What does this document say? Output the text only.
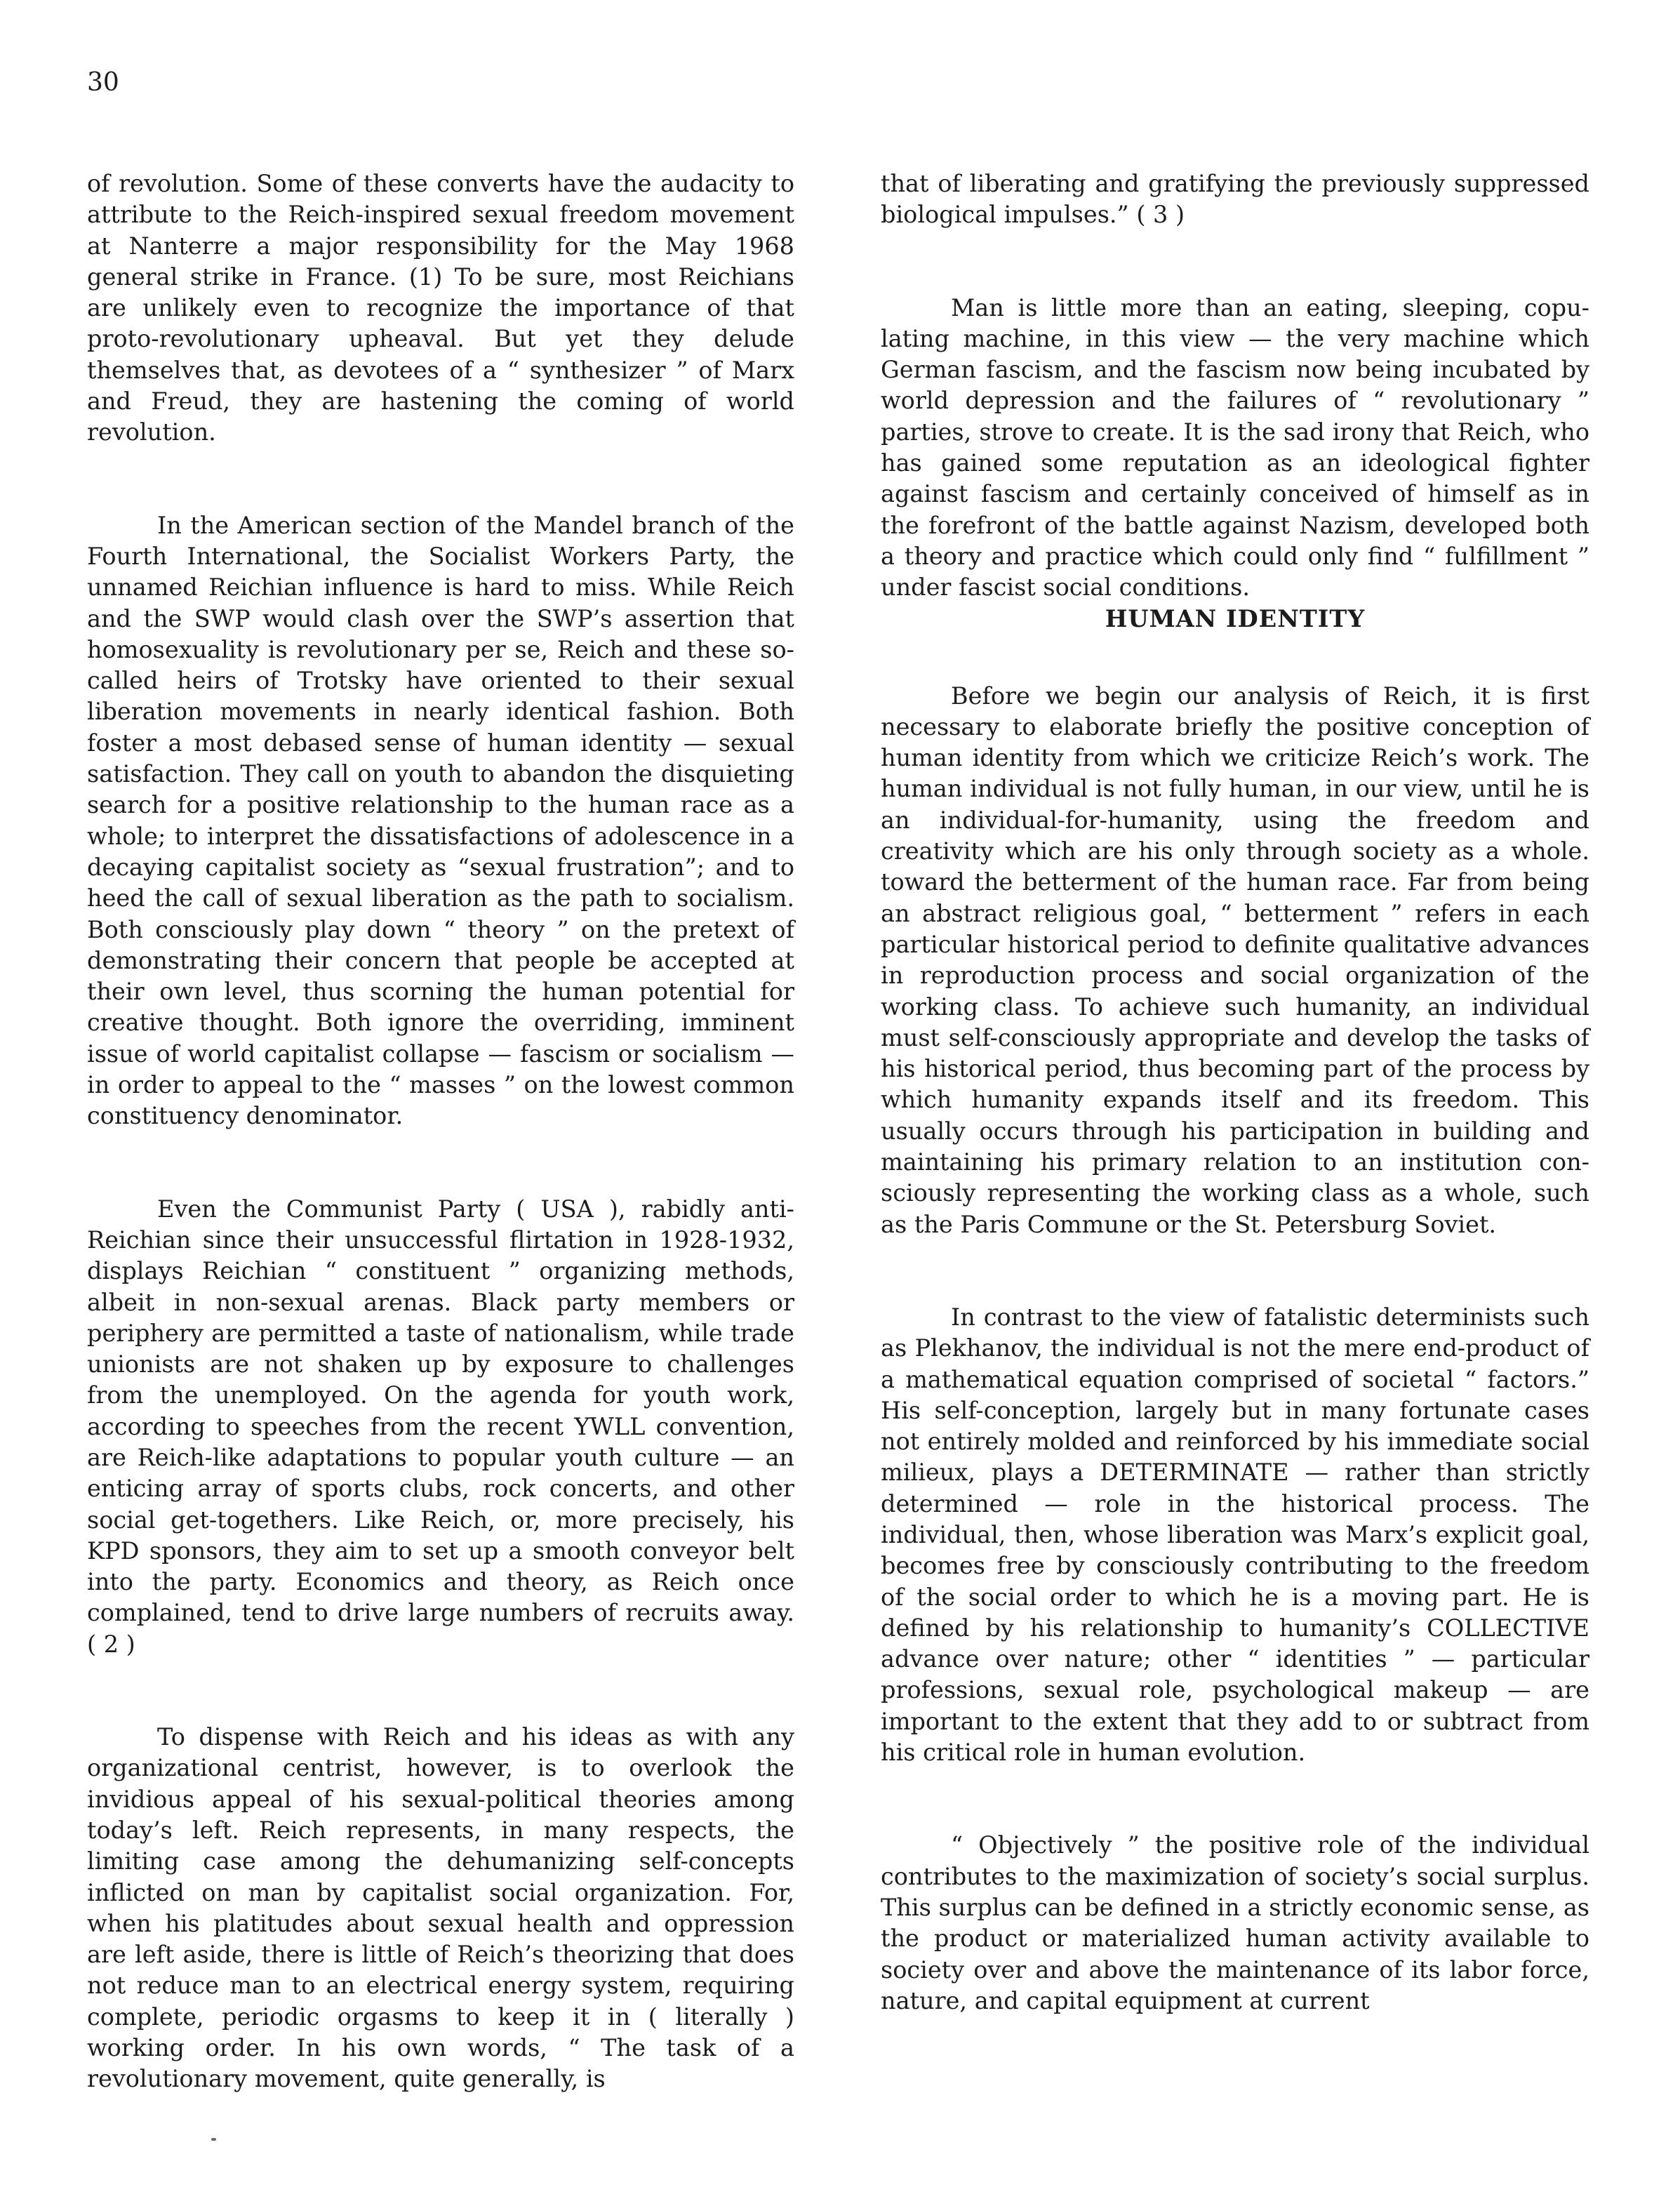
30

of revolution. Some of these converts have the audacity to attribute to the Reich-inspired sexual freedom movement at Nanterre a major responsibility for the May 1968 general strike in France. (1) To be sure, most Reichians are unlikely even to recognize the importance of that proto-revolutionary upheaval. But yet they delude themselves that, as devotees of a “ synthesizer ” of Marx and Freud, they are hastening the coming of world revolution.

In the American section of the Mandel branch of the Fourth International, the Socialist Workers Party, the unnamed Reichian influence is hard to miss. While Reich and the SWP would clash over the SWP’s assertion that homosexuality is revolutionary per se, Reich and these so-called heirs of Trotsky have oriented to their sexual liberation movements in nearly identical fashion. Both foster a most debased sense of human identity — sexual satisfaction. They call on youth to abandon the disquieting search for a positive relationship to the human race as a whole; to interpret the dissatisfactions of adolescence in a decaying capitalist society as “sexual frustration”; and to heed the call of sexual liberation as the path to socialism. Both consciously play down “ theory ” on the pretext of demonstrating their concern that people be accepted at their own level, thus scorning the human potential for creative thought. Both ignore the overriding, imminent issue of world capitalist collapse — fascism or socialism — in order to appeal to the “ masses ” on the lowest common constituency denominator.

Even the Communist Party ( USA ), rabidly anti-Reichian since their unsuccessful flirtation in 1928-1932, displays Reichian “ constituent ” organizing methods, albeit in non-sexual arenas. Black party members or periphery are permitted a taste of nationalism, while trade unionists are not shaken up by exposure to challenges from the unemployed. On the agenda for youth work, according to speeches from the recent YWLL convention, are Reich-like adaptations to popular youth culture — an enticing array of sports clubs, rock concerts, and other social get-togethers. Like Reich, or, more precisely, his KPD sponsors, they aim to set up a smooth conveyor belt into the party. Economics and theory, as Reich once complained, tend to drive large numbers of recruits away. ( 2 )

To dispense with Reich and his ideas as with any organizational centrist, however, is to overlook the invidious appeal of his sexual-political theories among today’s left. Reich represents, in many respects, the limiting case among the dehumanizing self-concepts inflicted on man by capitalist social organization. For, when his platitudes about sexual health and oppression are left aside, there is little of Reich’s theorizing that does not reduce man to an electrical energy system, requiring complete, periodic orgasms to keep it in ( literally ) working order. In his own words, “ The task of a revolutionary movement, quite generally, is

that of liberating and gratifying the previously suppressed biological impulses.” ( 3 )

Man is little more than an eating, sleeping, copulating machine, in this view — the very machine which German fascism, and the fascism now being incubated by world depression and the failures of “ revolutionary ” parties, strove to create. It is the sad irony that Reich, who has gained some reputation as an ideological fighter against fascism and certainly conceived of himself as in the forefront of the battle against Nazism, developed both a theory and practice which could only find “ fulfillment ” under fascist social conditions.

HUMAN IDENTITY

Before we begin our analysis of Reich, it is first necessary to elaborate briefly the positive conception of human identity from which we criticize Reich’s work. The human individual is not fully human, in our view, until he is an individual-for-humanity, using the freedom and creativity which are his only through society as a whole. toward the betterment of the human race. Far from being an abstract religious goal, “ betterment ” refers in each particular historical period to definite qualitative advances in reproduction process and social organization of the working class. To achieve such humanity, an individual must self-consciously appropriate and develop the tasks of his historical period, thus becoming part of the process by which humanity expands itself and its freedom. This usually occurs through his participation in building and maintaining his primary relation to an institution consciously representing the working class as a whole, such as the Paris Commune or the St. Petersburg Soviet.

In contrast to the view of fatalistic determinists such as Plekhanov, the individual is not the mere end-product of a mathematical equation comprised of societal “ factors.” His self-conception, largely but in many fortunate cases not entirely molded and reinforced by his immediate social milieux, plays a DETERMINATE — rather than strictly determined — role in the historical process. The individual, then, whose liberation was Marx’s explicit goal, becomes free by consciously contributing to the freedom of the social order to which he is a moving part. He is defined by his relationship to humanity’s COLLECTIVE advance over nature; other “ identities ” — particular professions, sexual role, psychological makeup — are important to the extent that they add to or subtract from his critical role in human evolution.

“ Objectively ” the positive role of the individual contributes to the maximization of society’s social surplus. This surplus can be defined in a strictly economic sense, as the product or materialized human activity available to society over and above the maintenance of its labor force, nature, and capital equipment at current
